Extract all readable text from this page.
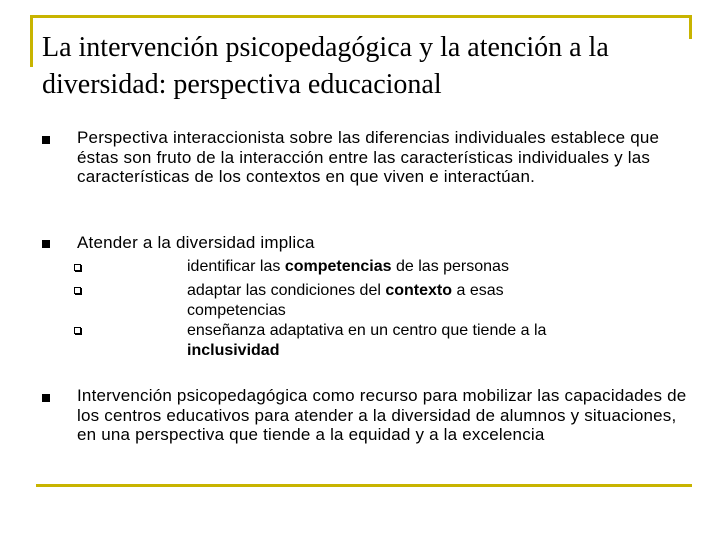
La intervención psicopedagógica y la atención a la diversidad: perspectiva educacional
Perspectiva interaccionista sobre las diferencias individuales establece que éstas son fruto de la interacción entre las características individuales y las características de los contextos en que viven e interactúan.
Atender a la diversidad implica
identificar las competencias de las personas
adaptar las condiciones del contexto a esas competencias
enseñanza adaptativa en un centro que tiende a la inclusividad
Intervención psicopedagógica como recurso para mobilizar las capacidades de los centros educativos para atender a la diversidad de alumnos y situaciones, en una perspectiva que tiende a la equidad y a la excelencia
